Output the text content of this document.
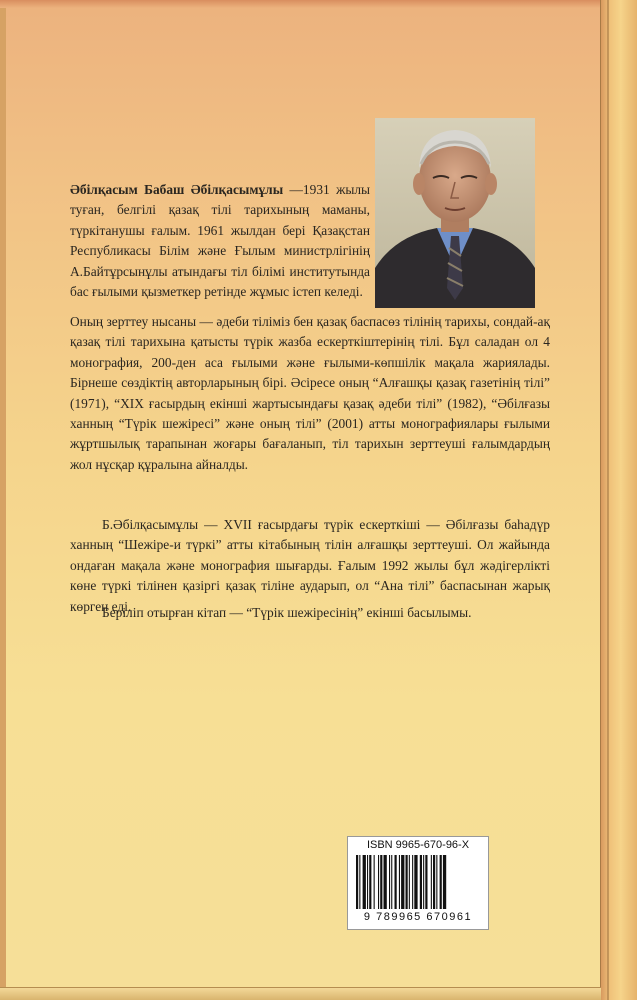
Әбілқасым Бабаш Әбілқасымұлы —1931 жылы туған, белгілі қазақ тілі тарихының маманы, түркітанушы ғалым. 1961 жылдан бері Қазақстан Республикасы Білім және Ғылым министрлігінің А.Байтұрсынұлы атындағы тіл білімі институтында бас ғылыми қызметкер ретінде жұмыс істеп келеді.

Оның зерттеу нысаны — әдеби тіліміз бен қазақ баспасөз тілінің тарихы, сондай-ақ қазақ тілі тарихына қатысты түрік жазба ескерткіштерінің тілі. Бұл саладан ол 4 монография, 200-ден аса ғылыми және ғылыми-көпшілік мақала жариялады. Бірнеше сөздіктің авторларының бірі. Әсіресе оның “Алғашқы қазақ газетінің тілі” (1971), “XIX ғасырдың екінші жартысындағы қазақ әдеби тілі” (1982), “Әбілғазы ханның “Түрік шежіресі” және оның тілі” (2001) атты монографиялары ғылыми жұртшылық тарапынан жоғары бағаланып, тіл тарихын зерттеуші ғалымдардың жол нұсқар құралына айналды.

Б.Әбілқасымұлы — XVII ғасырдағы түрік ескерткіші — Әбілғазы баһадүр ханның “Шежіре-и түркі” атты кітабының тілін алғашқы зерттеуші. Ол жайында ондаған мақала және монография шығарды. Ғалым 1992 жылы бұл жәдігерлікті көне түркі тілінен қазіргі қазақ тіліне аударып, ол “Ана тілі” баспасынан жарық көрген еді.

Беріліп отырған кітап — “Түрік шежіресінің” екінші басылымы.

ISBN 9965-670-96-X
9 789965 670961
